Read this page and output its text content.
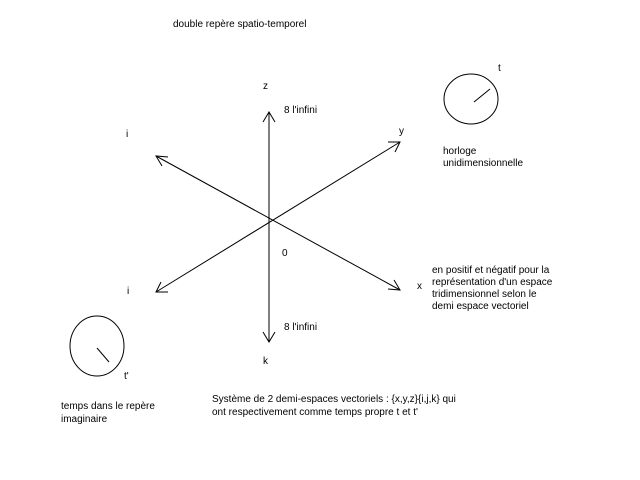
double repère spatio-temporel
z
8 l'infini
y
i
0
i	x
8 l'infini
k
t
horloge
unidimensionnelle
en positif et négatif pour la
représentation d'un espace
tridimensionnel selon le
demi espace vectoriel
t'
temps dans le repère
imaginaire
Système de 2 demi-espaces vectoriels : {x,y,z}{i,j,k} qui
ont respectivement comme temps propre t et t'
